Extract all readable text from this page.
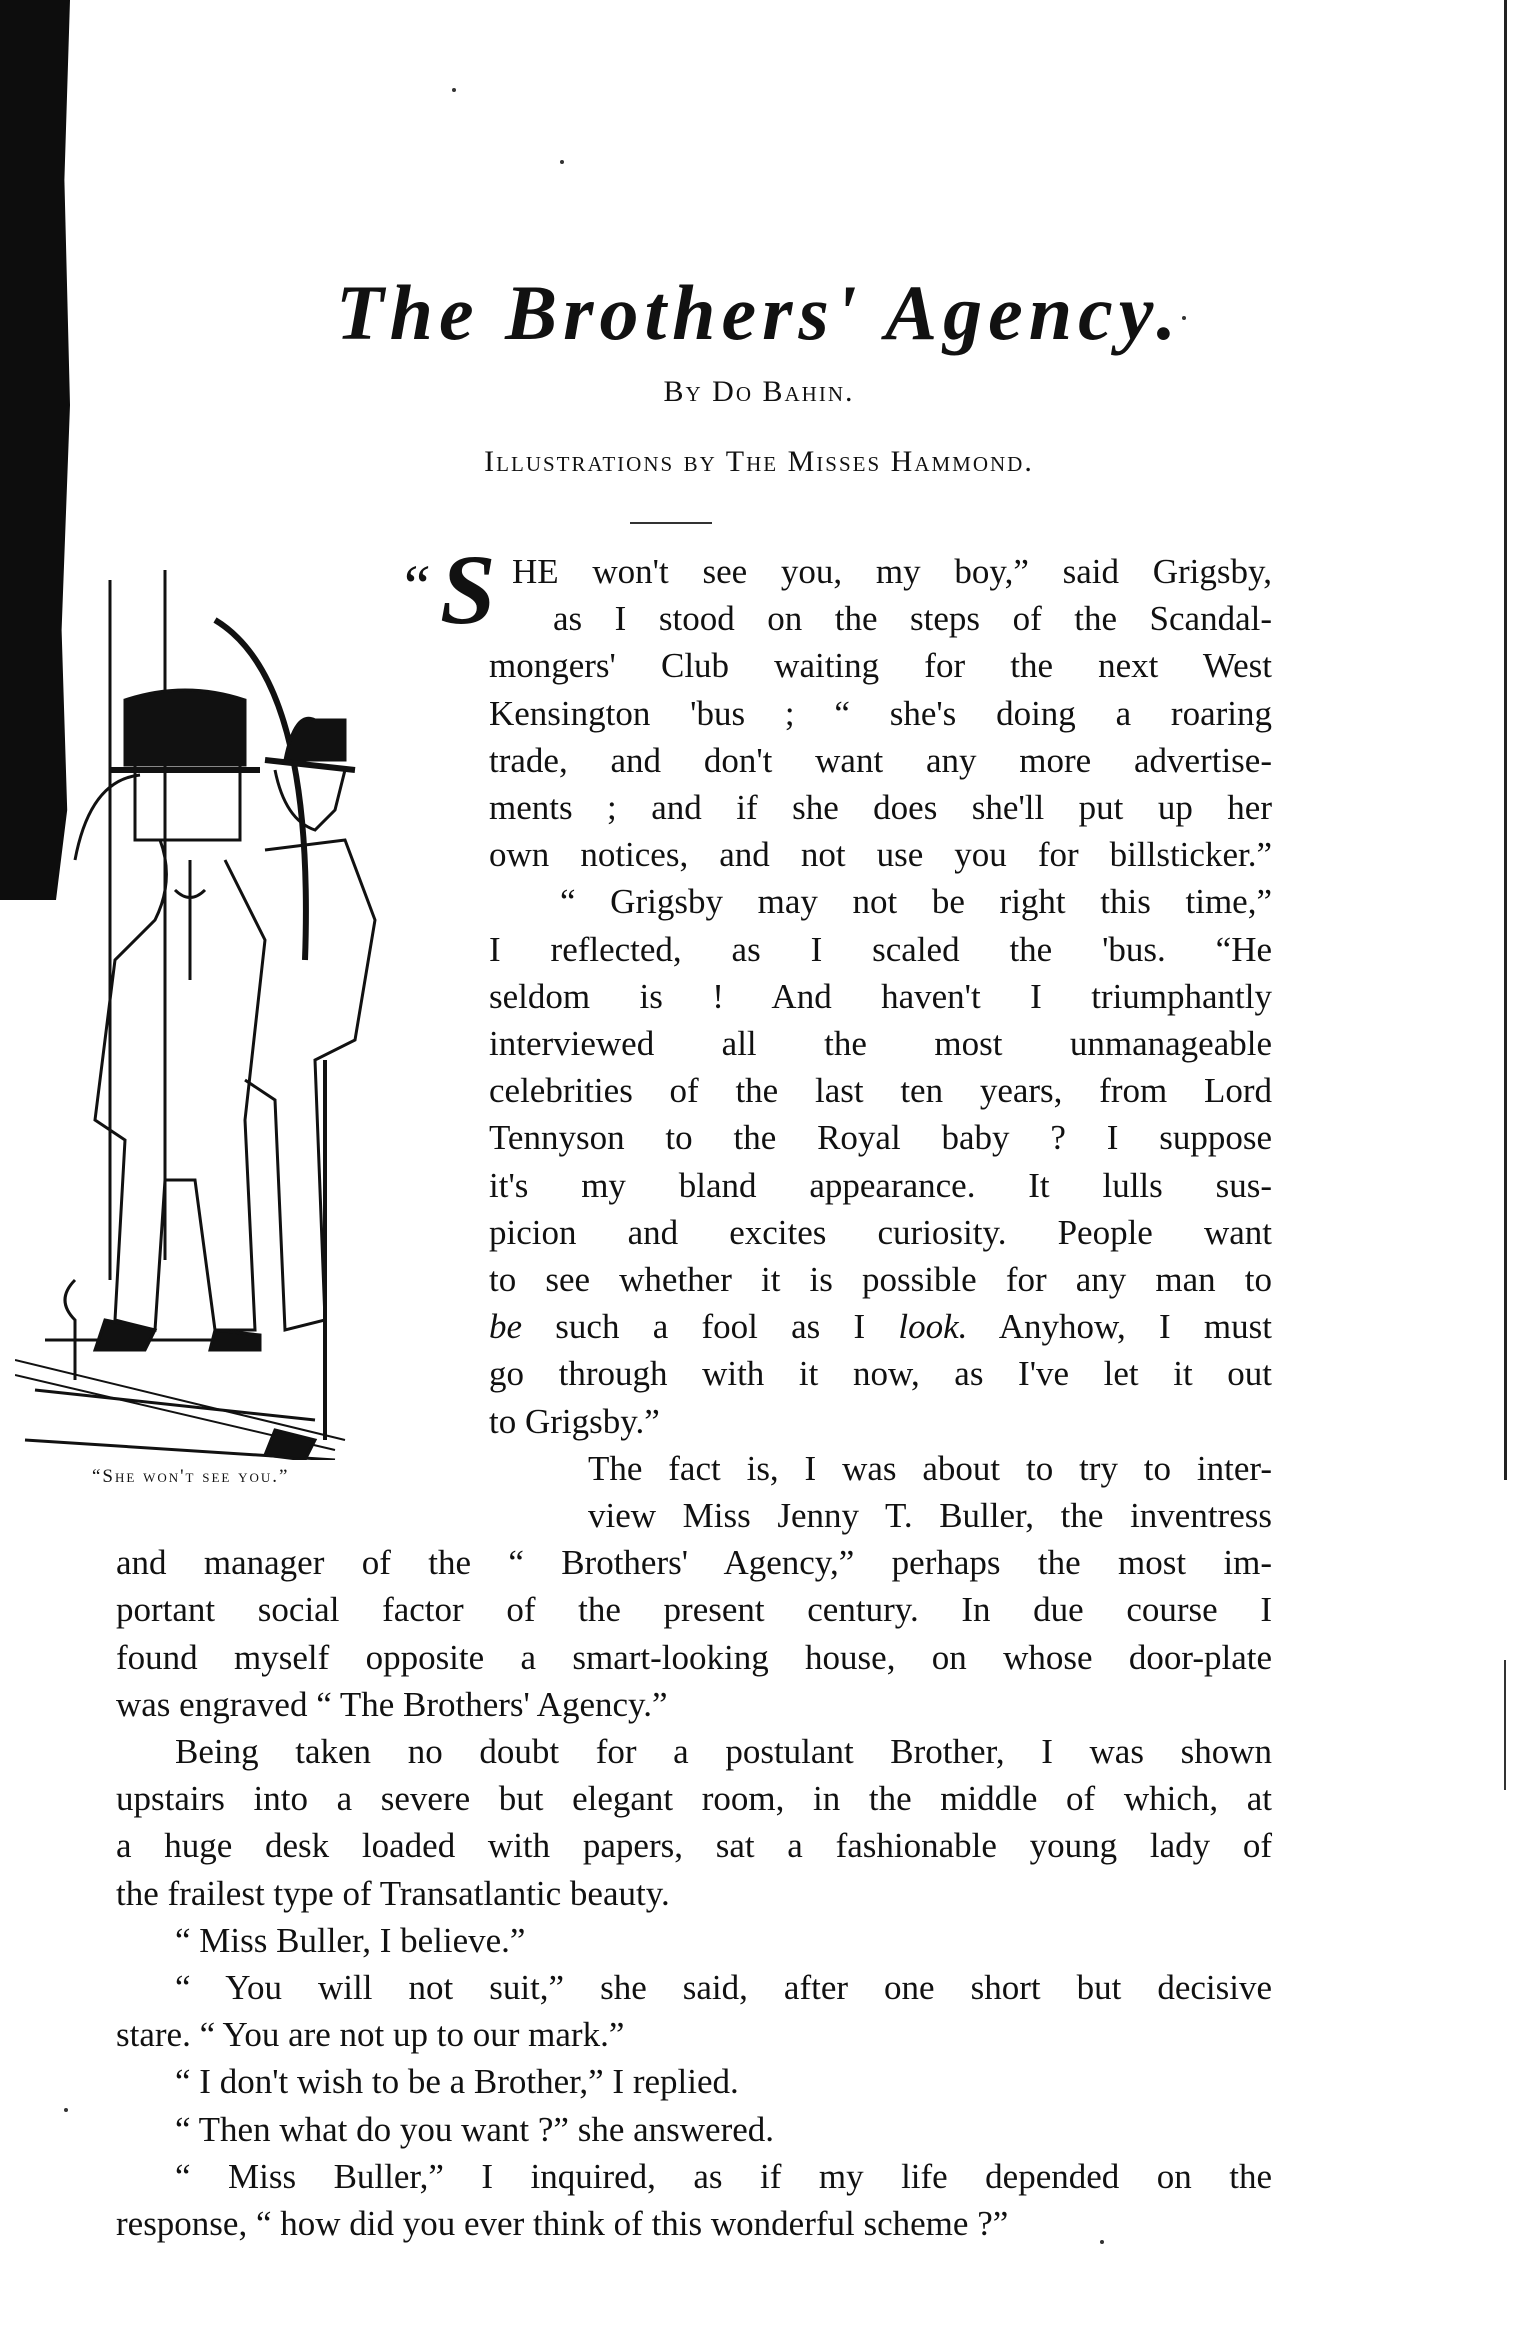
The Brothers' Agency.
By Do Bahin.
Illustrations by The Misses Hammond.
“She won't see you.”
“ S HE won't see you, my boy,” said Grigsby,
as I stood on the steps of the Scandal-
mongers' Club waiting for the next West
Kensington 'bus ; “ she's doing a roaring
trade, and don't want any more advertise-
ments ; and if she does she'll put up her
own notices, and not use you for billsticker.”
“ Grigsby may not be right this time,”
I reflected, as I scaled the 'bus. “He
seldom is ! And haven't I triumphantly
interviewed all the most unmanageable
celebrities of the last ten years, from Lord
Tennyson to the Royal baby ? I suppose
it's my bland appearance. It lulls sus-
picion and excites curiosity. People want
to see whether it is possible for any man to
be such a fool as I look. Anyhow, I must
go through with it now, as I've let it out
to Grigsby.”
The fact is, I was about to try to inter-
view Miss Jenny T. Buller, the inventress
and manager of the “ Brothers' Agency,” perhaps the most im-
portant social factor of the present century. In due course I
found myself opposite a smart-looking house, on whose door-plate
was engraved “ The Brothers' Agency.”
Being taken no doubt for a postulant Brother, I was shown
upstairs into a severe but elegant room, in the middle of which, at
a huge desk loaded with papers, sat a fashionable young lady of
the frailest type of Transatlantic beauty.
“ Miss Buller, I believe.”
“ You will not suit,” she said, after one short but decisive
stare. “ You are not up to our mark.”
“ I don't wish to be a Brother,” I replied.
“ Then what do you want ?” she answered.
“ Miss Buller,” I inquired, as if my life depended on the
response, “ how did you ever think of this wonderful scheme ?”
